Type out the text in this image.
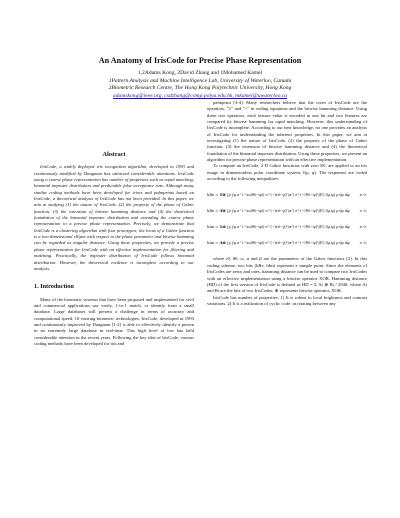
An Anatomy of IrisCode for Precise Phase Representation
1,2Adams Kong, 2David Zhang and 1Mohamed Kamel
1Pattern Analysis and Machine Intelligence Lab, University of Waterloo, Canada
2Biometric Research Centre, The Hong Kong Polytechnic University, Hong Kong
adamskong@ieee.org, csdzhang@comp.polyu.edu.hk, mkamel@uwaterloo.ca
Abstract
IrisCode, a widely deployed iris recognition algorithm, developed in 1993 and continuously modified by Daugman has attracted considerable attentions. IrisCode using a coarse phase representation has number of properties such as rapid matching, binomial imposter distribution and predictable false acceptance rate. Although many similar coding methods have been developed for irises and palmprints based on IrisCode, a theoretical analysis of IrisCode has not been provided. In this paper, we aim at studying (1) the nature of IrisCode, (2) the property of the phase of Gabor function, (3) the extension of bitwise hamming distance and (4) the theoretical foundation of the binomial imposter distribution and extending the coarse phase representation to a precise phase representation. Precisely, we demonstrate that IrisCode is a clustering algorithm with four prototypes; the locus of a Gabor function is a two-dimensional ellipse with respect to the phase parameter and bitwise hamming can be regarded as angular distance. Using these properties, we provide a precise phase representation for IrisCode with an effective implementation for filtering and matching. Practically, the imposter distribution of IrisCode follows binomial distribution. However, the theoretical evidence is incomplete according to our analysis.
1. Introduction
Many of the biometric systems that have been proposed and implemented for civil and commercial applications use verify, 1-to-1 match, or identify from a small database. Large databases still present a challenge in terms of accuracy and computational speed. Of existing biometric technologies, IrisCode, developed in 1993 and continuously improved by Daugman [1-2] is able to effectively identify a person in an extremely large database in real-time. This high level of low has held considerable attention in the recent years. Following the key idea of IrisCode, various coding methods have been developed for iris and
palmprint [3-4]. Many researchers believe that the cores of IrisCode are the operators, "≥" and "<" in coding equations and the bitwise hamming distance. Using these two operators, each feature value is encoded in one bit and two features are compared by bitwise hamming for rapid matching. However, this understanding of IrisCode is incomplete. According to our best knowledge, no one provides an analysis of IrisCode for understanding the inherent properties. In this paper, we aim at investigating (1) the nature of IrisCode, (2) the property of the phase of Gabor function, (3) the extension of bitwise hamming distance and (4) the theoretical foundation of the binomial imposter distribution. Using these properties, we present an algorithm for precise phase representation with an effective implementation.
To compute an IrisCode, 2-D Gabor functions with zero DC are applied to an iris image in dimensionless polar coordinate system, I(ρ, φ). The responses are coded according to the following inequalities:
hRe = 1 if
Re ∫ρ ∫φ e^(−iω(θ0−φ)) e^(−(r0−ρ)²/α²) e^(−(θ0−φ)²/β²) I(ρ,φ) ρ dρ dφ	≥ 0,
hRe = 0 if
Re ∫ρ ∫φ e^(−iω(θ0−φ)) e^(−(r0−ρ)²/α²) e^(−(θ0−φ)²/β²) I(ρ,φ) ρ dρ dφ	< 0,
hIm = 1 if
Im ∫ρ ∫φ e^(−iω(θ0−φ)) e^(−(r0−ρ)²/α²) e^(−(θ0−φ)²/β²) I(ρ,φ) ρ dρ dφ	≥ 0,
hIm = 0 if
Im ∫ρ ∫φ e^(−iω(θ0−φ)) e^(−(r0−ρ)²/α²) e^(−(θ0−φ)²/β²) I(ρ,φ) ρ dρ dφ	< 0,
where r0, θ0, ω, α and β are the parameters of the Gabor functions [2]. In this coding scheme, two bits (hRe, hIm) represent a sample point. Since the elements of IrisCodes are zeros and ones, hamming distance can be used to compare two IrisCodes with an effective implementation using a bitwise operator XOR. Hamming distance (HD) of the first version of IrisCode is defined as HD = Σ Ai ⊗ Bi / 2048, where Ai and Bi are the bits of two IrisCodes; ⊗ represents bitwise operator, XOR.
IrisCode has number of properties: 1) It is robust to local brightness and contrast variations. 2) It is a realization of cyclic code: in rotating between any
